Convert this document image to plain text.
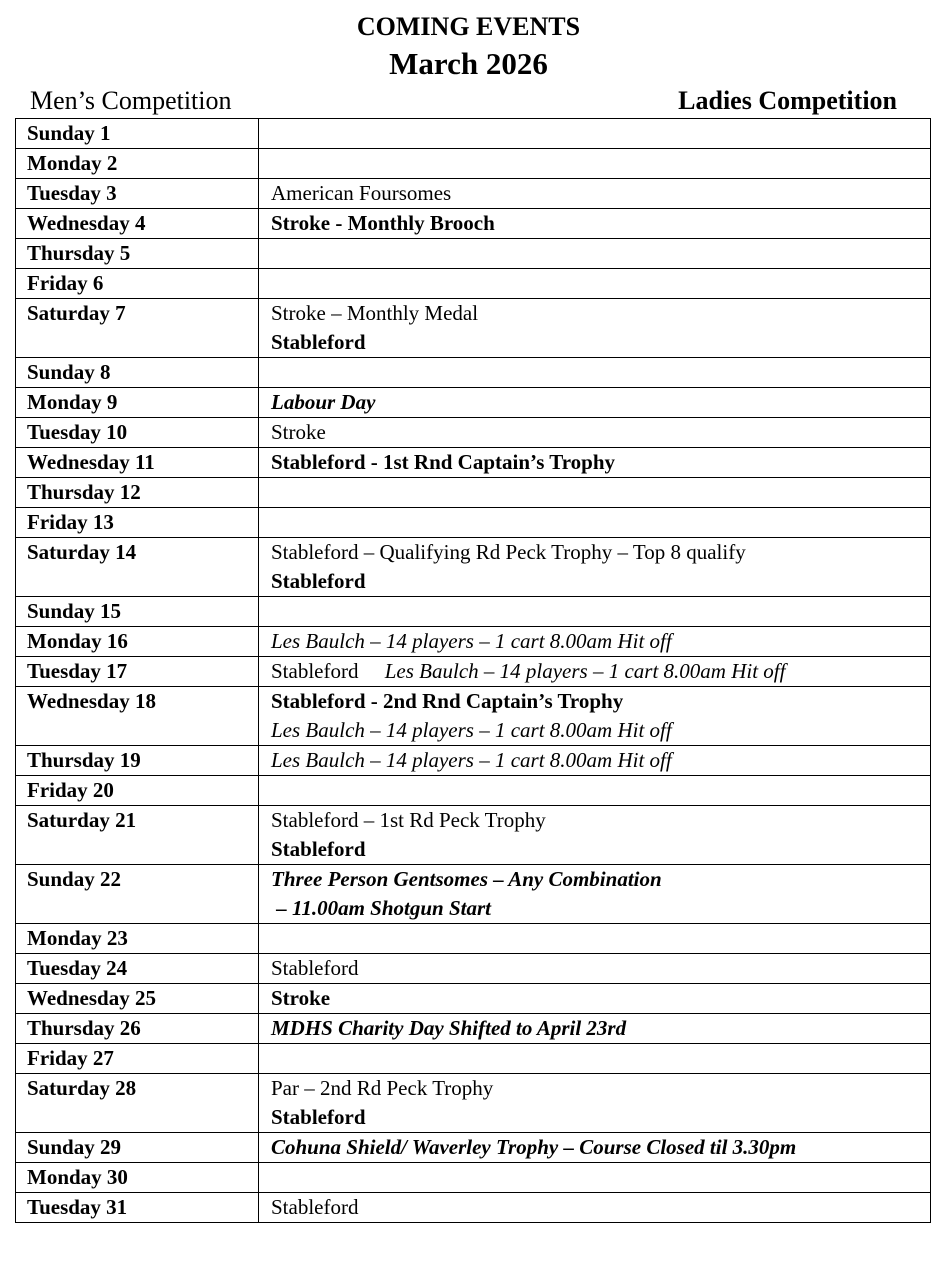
COMING EVENTS
March 2026
Men’s Competition	Ladies Competition
Sunday 1	
Monday 2	
Tuesday 3	American Foursomes

Wednesday 4	Stroke - Monthly Brooch

Thursday 5	
Friday 6	
Saturday 7	Stroke – Monthly Medal
Stableford

Sunday 8	
Monday 9	Labour Day

Tuesday 10	Stroke

Wednesday 11	Stableford - 1st Rnd Captain’s Trophy

Thursday 12	
Friday 13	
Saturday 14	Stableford – Qualifying Rd Peck Trophy – Top 8 qualify
Stableford

Sunday 15	
Monday 16	Les Baulch – 14 players – 1 cart 8.00am Hit off

Tuesday 17	Stableford Les Baulch – 14 players – 1 cart 8.00am Hit off

Wednesday 18	Stableford - 2nd Rnd Captain’s Trophy
Les Baulch – 14 players – 1 cart 8.00am Hit off

Thursday 19	Les Baulch – 14 players – 1 cart 8.00am Hit off

Friday 20	
Saturday 21	Stableford – 1st Rd Peck Trophy
Stableford

Sunday 22	Three Person Gentsomes – Any Combination
– 11.00am Shotgun Start

Monday 23	
Tuesday 24	Stableford

Wednesday 25	Stroke

Thursday 26	MDHS Charity Day Shifted to April 23rd

Friday 27	
Saturday 28	Par – 2nd Rd Peck Trophy
Stableford

Sunday 29	Cohuna Shield/ Waverley Trophy – Course Closed til 3.30pm

Monday 30	
Tuesday 31	Stableford
